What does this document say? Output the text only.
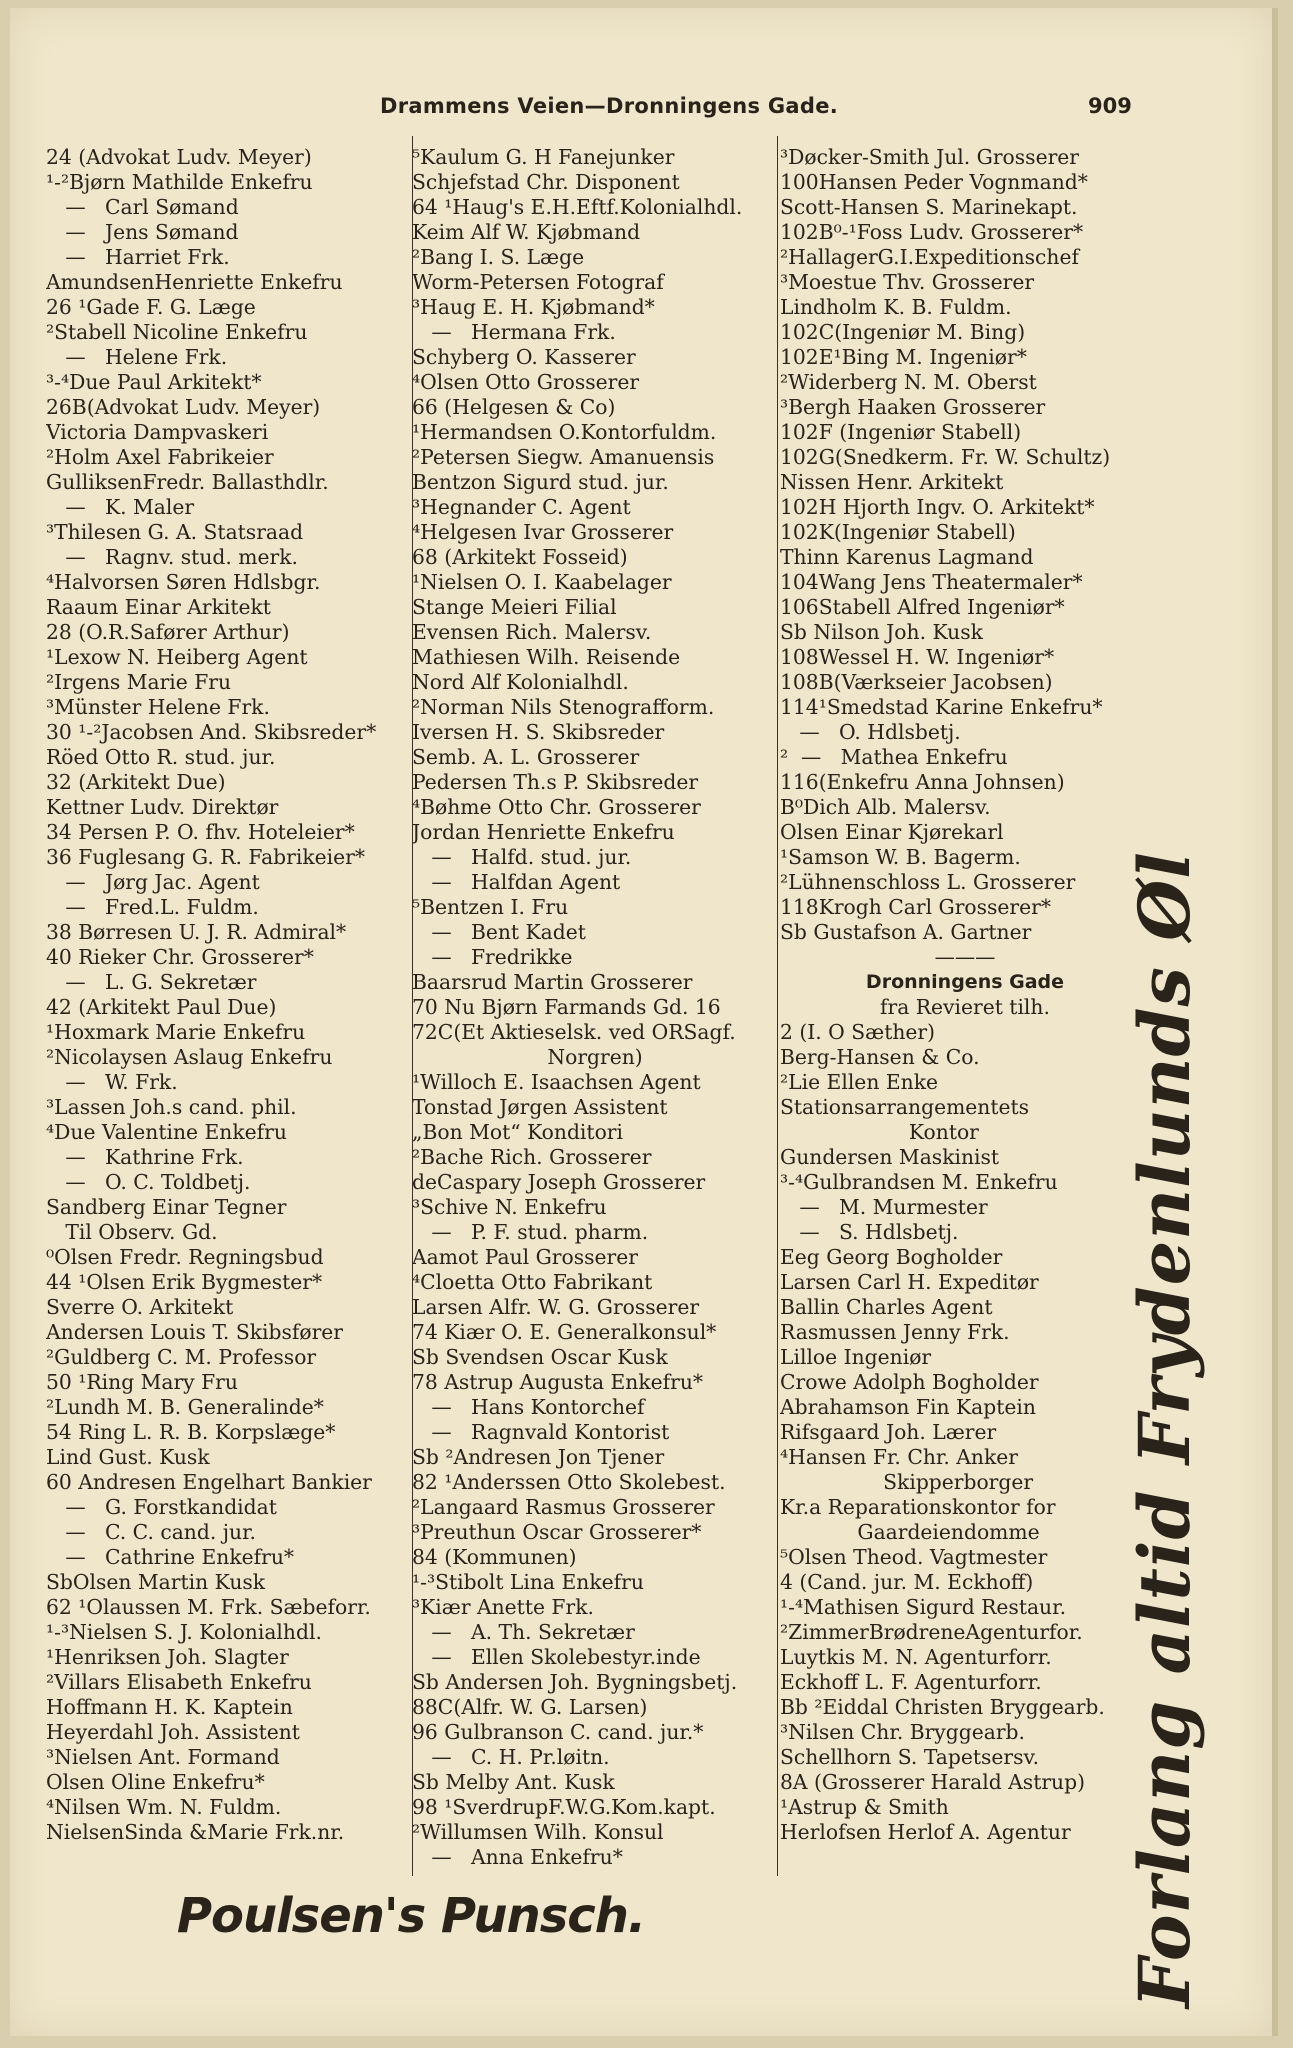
Drammens Veien—Dronningens Gade.	909
24 (Advokat Ludv. Meyer)
¹-²Bjørn Mathilde Enkefru
—   Carl Sømand
—   Jens Sømand
—   Harriet Frk.
AmundsenHenriette Enkefru
26 ¹Gade F. G. Læge
²Stabell Nicoline Enkefru
—   Helene Frk.
³-⁴Due Paul Arkitekt*
26B(Advokat Ludv. Meyer)
Victoria Dampvaskeri
²Holm Axel Fabrikeier
GulliksenFredr. Ballasthdlr.
—   K. Maler
³Thilesen G. A. Statsraad
—   Ragnv. stud. merk.
⁴Halvorsen Søren Hdlsbgr.
Raaum Einar Arkitekt
28 (O.R.Safører Arthur)
¹Lexow N. Heiberg Agent
²Irgens Marie Fru
³Münster Helene Frk.
30 ¹-²Jacobsen And. Skibsreder*
Röed Otto R. stud. jur.
32 (Arkitekt Due)
Kettner Ludv. Direktør
34 Persen P. O. fhv. Hoteleier*
36 Fuglesang G. R. Fabrikeier*
—   Jørg Jac. Agent
—   Fred.L. Fuldm.
38 Børresen U. J. R. Admiral*
40 Rieker Chr. Grosserer*
—   L. G. Sekretær
42 (Arkitekt Paul Due)
¹Hoxmark Marie Enkefru
²Nicolaysen Aslaug Enkefru
—   W. Frk.
³Lassen Joh.s cand. phil.
⁴Due Valentine Enkefru
—   Kathrine Frk.
—   O. C. Toldbetj.
Sandberg Einar Tegner
Til Observ. Gd.
⁰Olsen Fredr. Regningsbud
44 ¹Olsen Erik Bygmester*
Sverre O. Arkitekt
Andersen Louis T. Skibsfører
²Guldberg C. M. Professor
50 ¹Ring Mary Fru
²Lundh M. B. Generalinde*
54 Ring L. R. B. Korpslæge*
Lind Gust. Kusk
60 Andresen Engelhart Bankier
—   G. Forstkandidat
—   C. C. cand. jur.
—   Cathrine Enkefru*
SbOlsen Martin Kusk
62 ¹Olaussen M. Frk. Sæbeforr.
¹-³Nielsen S. J. Kolonialhdl.
¹Henriksen Joh. Slagter
²Villars Elisabeth Enkefru
Hoffmann H. K. Kaptein
Heyerdahl Joh. Assistent
³Nielsen Ant. Formand
Olsen Oline Enkefru*
⁴Nilsen Wm. N. Fuldm.
NielsenSinda &Marie Frk.nr.
⁵Kaulum G. H Fanejunker
Schjefstad Chr. Disponent
64 ¹Haug's E.H.Eftf.Kolonialhdl.
Keim Alf W. Kjøbmand
²Bang I. S. Læge
Worm-Petersen Fotograf
³Haug E. H. Kjøbmand*
—   Hermana Frk.
Schyberg O. Kasserer
⁴Olsen Otto Grosserer
66 (Helgesen & Co)
¹Hermandsen O.Kontorfuldm.
²Petersen Siegw. Amanuensis
Bentzon Sigurd stud. jur.
³Hegnander C. Agent
⁴Helgesen Ivar Grosserer
68 (Arkitekt Fosseid)
¹Nielsen O. I. Kaabelager
Stange Meieri Filial
Evensen Rich. Malersv.
Mathiesen Wilh. Reisende
Nord Alf Kolonialhdl.
²Norman Nils Stenografform.
Iversen H. S. Skibsreder
Semb. A. L. Grosserer
Pedersen Th.s P. Skibsreder
⁴Bøhme Otto Chr. Grosserer
Jordan Henriette Enkefru
—   Halfd. stud. jur.
—   Halfdan Agent
⁵Bentzen I. Fru
—   Bent Kadet
—   Fredrikke
Baarsrud Martin Grosserer
70 Nu Bjørn Farmands Gd. 16
72C(Et Aktieselsk. ved ORSagf.
Norgren)
¹Willoch E. Isaachsen Agent
Tonstad Jørgen Assistent
„Bon Mot“ Konditori
²Bache Rich. Grosserer
deCaspary Joseph Grosserer
³Schive N. Enkefru
—   P. F. stud. pharm.
Aamot Paul Grosserer
⁴Cloetta Otto Fabrikant
Larsen Alfr. W. G. Grosserer
74 Kiær O. E. Generalkonsul*
Sb Svendsen Oscar Kusk
78 Astrup Augusta Enkefru*
—   Hans Kontorchef
—   Ragnvald Kontorist
Sb ²Andresen Jon Tjener
82 ¹Anderssen Otto Skolebest.
²Langaard Rasmus Grosserer
³Preuthun Oscar Grosserer*
84 (Kommunen)
¹-³Stibolt Lina Enkefru
³Kiær Anette Frk.
—   A. Th. Sekretær
—   Ellen Skolebestyr.inde
Sb Andersen Joh. Bygningsbetj.
88C(Alfr. W. G. Larsen)
96 Gulbranson C. cand. jur.*
—   C. H. Pr.løitn.
Sb Melby Ant. Kusk
98 ¹SverdrupF.W.G.Kom.kapt.
²Willumsen Wilh. Konsul
—   Anna Enkefru*
³Døcker-Smith Jul. Grosserer
100Hansen Peder Vognmand*
Scott-Hansen S. Marinekapt.
102B⁰-¹Foss Ludv. Grosserer*
²HallagerG.I.Expeditionschef
³Moestue Thv. Grosserer
Lindholm K. B. Fuldm.
102C(Ingeniør M. Bing)
102E¹Bing M. Ingeniør*
²Widerberg N. M. Oberst
³Bergh Haaken Grosserer
102F (Ingeniør Stabell)
102G(Snedkerm. Fr. W. Schultz)
Nissen Henr. Arkitekt
102H Hjorth Ingv. O. Arkitekt*
102K(Ingeniør Stabell)
Thinn Karenus Lagmand
104Wang Jens Theatermaler*
106Stabell Alfred Ingeniør*
Sb Nilson Joh. Kusk
108Wessel H. W. Ingeniør*
108B(Værkseier Jacobsen)
114¹Smedstad Karine Enkefru*
—   O. Hdlsbetj.
²  —   Mathea Enkefru
116(Enkefru Anna Johnsen)
B⁰Dich Alb. Malersv.
Olsen Einar Kjørekarl
¹Samson W. B. Bagerm.
²Lühnenschloss L. Grosserer
118Krogh Carl Grosserer*
Sb Gustafson A. Gartner
———
Dronningens Gade
fra Revieret tilh.
2 (I. O Sæther)
Berg-Hansen & Co.
²Lie Ellen Enke
Stationsarrangementets
Kontor
Gundersen Maskinist
³-⁴Gulbrandsen M. Enkefru
—   M. Murmester
—   S. Hdlsbetj.
Eeg Georg Bogholder
Larsen Carl H. Expeditør
Ballin Charles Agent
Rasmussen Jenny Frk.
Lilloe Ingeniør
Crowe Adolph Bogholder
Abrahamson Fin Kaptein
Rifsgaard Joh. Lærer
⁴Hansen Fr. Chr. Anker
Skipperborger
Kr.a Reparationskontor for
Gaardeiendomme
⁵Olsen Theod. Vagtmester
4 (Cand. jur. M. Eckhoff)
¹-⁴Mathisen Sigurd Restaur.
²ZimmerBrødreneAgenturfor.
Luytkis M. N. Agenturforr.
Eckhoff L. F. Agenturforr.
Bb ²Eiddal Christen Bryggearb.
³Nilsen Chr. Bryggearb.
Schellhorn S. Tapetsersv.
8A (Grosserer Harald Astrup)
¹Astrup & Smith
Herlofsen Herlof A. Agentur Forlang altid Frydenlunds Øl
Poulsen's Punsch.
